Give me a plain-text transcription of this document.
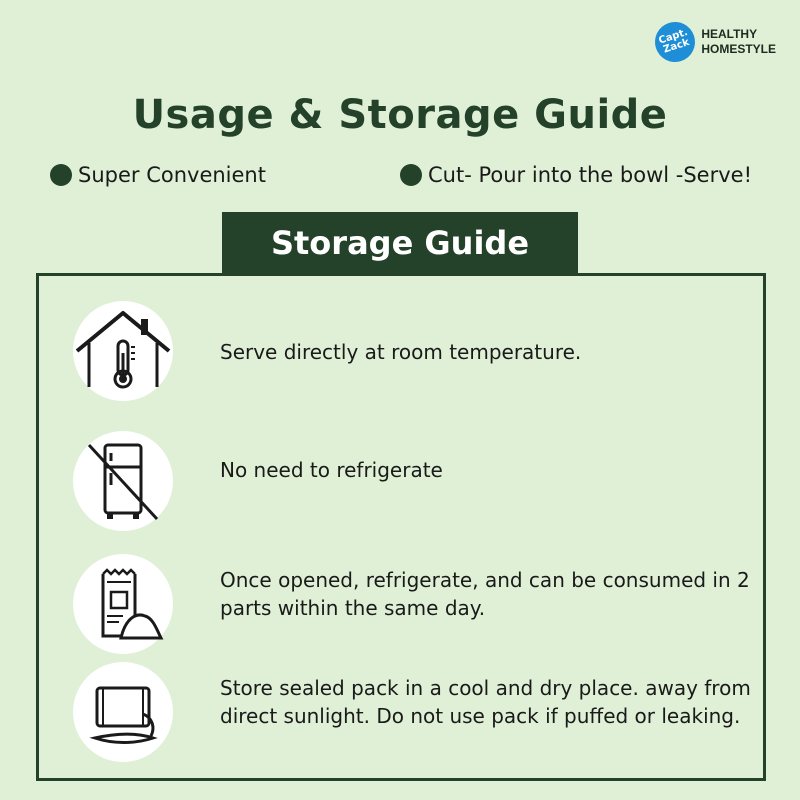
Capt. Zack
HEALTHY
HOMESTYLE
Usage & Storage Guide
Super Convenient	Cut- Pour into the bowl -Serve!
Storage Guide
Serve directly at room temperature.
No need to refrigerate
Once opened, refrigerate, and can be consumed in 2 parts within the same day.
Store sealed pack in a cool and dry place. away from direct sunlight. Do not use pack if puffed or leaking.
